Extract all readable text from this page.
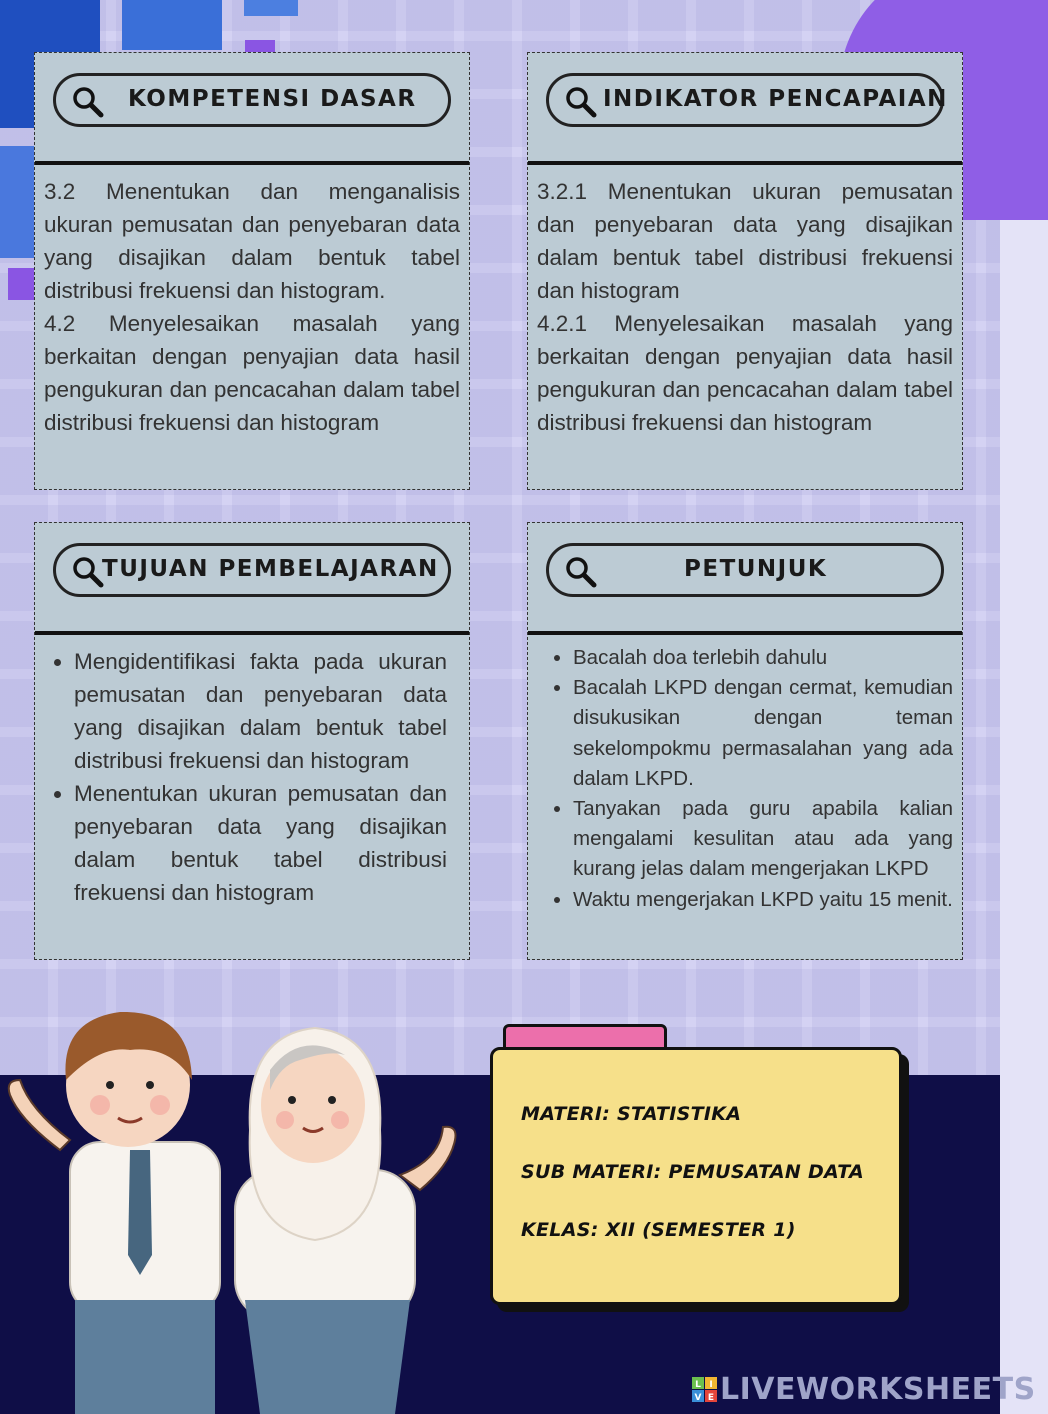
KOMPETENSI DASAR

3.2 Menentukan dan menganalisis ukuran pemusatan dan penyebaran data yang disajikan dalam bentuk tabel distribusi frekuensi dan histogram.

4.2 Menyelesaikan masalah yang berkaitan dengan penyajian data hasil pengukuran dan pencacahan dalam tabel distribusi frekuensi dan histogram

INDIKATOR PENCAPAIAN

3.2.1 Menentukan ukuran pemusatan dan penyebaran data yang disajikan dalam bentuk tabel distribusi frekuensi dan histogram

4.2.1 Menyelesaikan masalah yang berkaitan dengan penyajian data hasil pengukuran dan pencacahan dalam tabel distribusi frekuensi dan histogram

TUJUAN PEMBELAJARAN
• Mengidentifikasi fakta pada ukuran pemusatan dan penyebaran data yang disajikan dalam bentuk tabel distribusi frekuensi dan histogram
• Menentukan ukuran pemusatan dan penyebaran data yang disajikan dalam bentuk tabel distribusi frekuensi dan histogram
PETUNJUK
• Bacalah doa terlebih dahulu
• Bacalah LKPD dengan cermat, kemudian disukusikan dengan teman sekelompokmu permasalahan yang ada dalam LKPD.
• Tanyakan pada guru apabila kalian mengalami kesulitan atau ada yang kurang jelas dalam mengerjakan LKPD
• Waktu mengerjakan LKPD yaitu 15 menit.
MATERI: STATISTIKA
SUB MATERI: PEMUSATAN DATA
KELAS: XII (SEMESTER 1)
L I
V E LIVEWORKSHEETS
